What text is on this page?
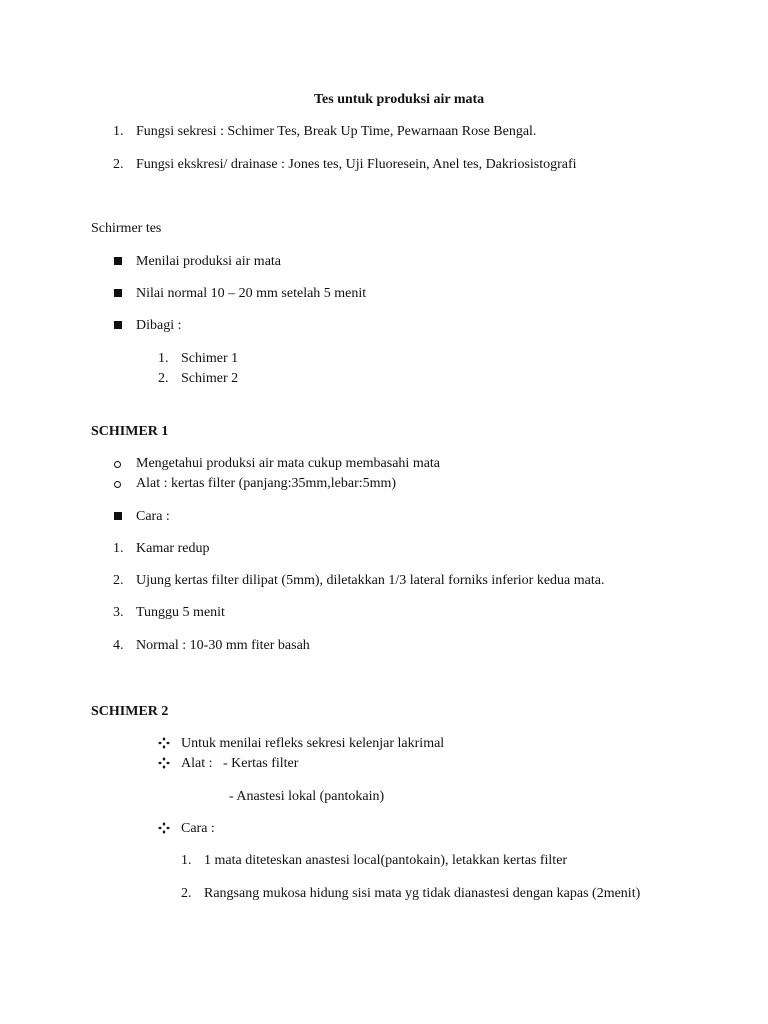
Tes untuk produksi air mata
1. Fungsi sekresi : Schimer Tes, Break Up Time, Pewarnaan Rose Bengal.
2. Fungsi ekskresi/ drainase : Jones tes, Uji Fluoresein, Anel tes, Dakriosistografi
Schirmer tes
Menilai produksi air mata
Nilai normal 10 – 20 mm setelah 5 menit
Dibagi :
1. Schimer 1
2. Schimer 2
SCHIMER 1
Mengetahui produksi air mata cukup membasahi mata
Alat : kertas filter (panjang:35mm,lebar:5mm)
Cara :
1. Kamar redup
2. Ujung kertas filter dilipat (5mm), diletakkan 1/3 lateral forniks inferior kedua mata.
3. Tunggu 5 menit
4. Normal : 10-30 mm fiter basah
SCHIMER 2
Untuk menilai refleks sekresi kelenjar lakrimal
Alat :   - Kertas filter
- Anastesi lokal (pantokain)
Cara :
1. 1 mata diteteskan anastesi local(pantokain), letakkan kertas filter
2. Rangsang mukosa hidung sisi mata yg tidak dianastesi dengan kapas (2menit)
